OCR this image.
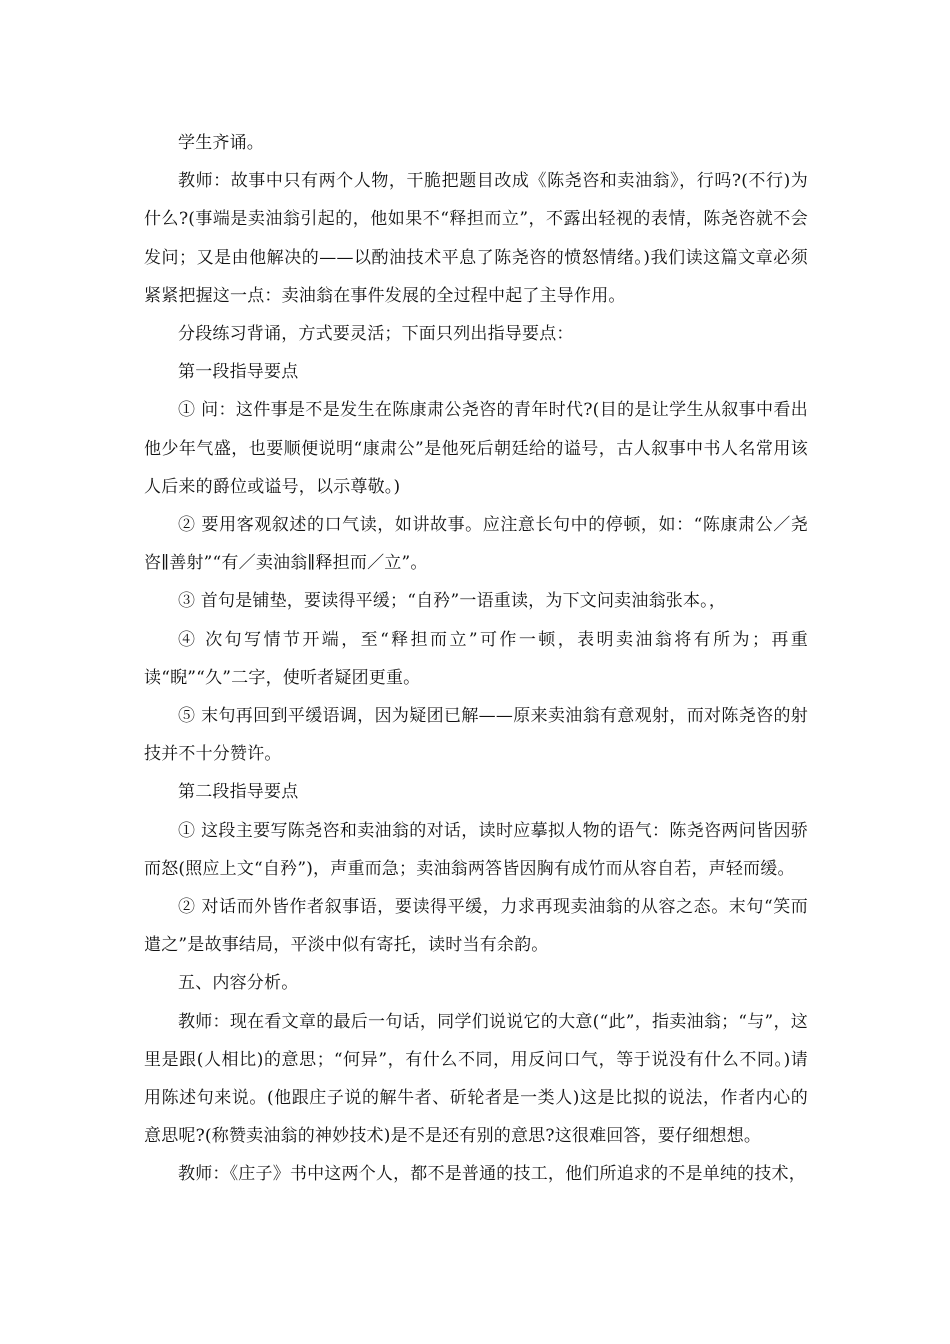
学生齐诵。

教师：故事中只有两个人物，干脆把题目改成《陈尧咨和卖油翁》，行吗?(不行)为什么?(事端是卖油翁引起的，他如果不“释担而立”，不露出轻视的表情，陈尧咨就不会发问；又是由他解决的——以酌油技术平息了陈尧咨的愤怒情绪。)我们读这篇文章必须紧紧把握这一点：卖油翁在事件发展的全过程中起了主导作用。

分段练习背诵，方式要灵活；下面只列出指导要点：

第一段指导要点

① 问：这件事是不是发生在陈康肃公尧咨的青年时代?(目的是让学生从叙事中看出他少年气盛，也要顺便说明“康肃公”是他死后朝廷给的谥号，古人叙事中书人名常用该人后来的爵位或谥号，以示尊敬。)

② 要用客观叙述的口气读，如讲故事。应注意长句中的停顿，如：“陈康肃公／尧咨∥善射”“有／卖油翁∥释担而／立”。

③ 首句是铺垫，要读得平缓；“自矜”一语重读，为下文问卖油翁张本。，

④ 次句写情节开端，至“释担而立”可作一顿，表明卖油翁将有所为；再重读“睨”“久”二字，使听者疑团更重。

⑤ 末句再回到平缓语调，因为疑团已解——原来卖油翁有意观射，而对陈尧咨的射技并不十分赞许。

第二段指导要点

① 这段主要写陈尧咨和卖油翁的对话，读时应摹拟人物的语气：陈尧咨两问皆因骄而怒(照应上文“自矜”)，声重而急；卖油翁两答皆因胸有成竹而从容自若，声轻而缓。

② 对话而外皆作者叙事语，要读得平缓，力求再现卖油翁的从容之态。末句“笑而遣之”是故事结局，平淡中似有寄托，读时当有余韵。

五、内容分析。

教师：现在看文章的最后一句话，同学们说说它的大意(“此”，指卖油翁；“与”，这里是跟(人相比)的意思；“何异”，有什么不同，用反问口气，等于说没有什么不同。)请用陈述句来说。(他跟庄子说的解牛者、斫轮者是一类人)这是比拟的说法，作者内心的意思呢?(称赞卖油翁的神妙技术)是不是还有别的意思?这很难回答，要仔细想想。

教师：《庄子》书中这两个人，都不是普通的技工，他们所追求的不是单纯的技术，
